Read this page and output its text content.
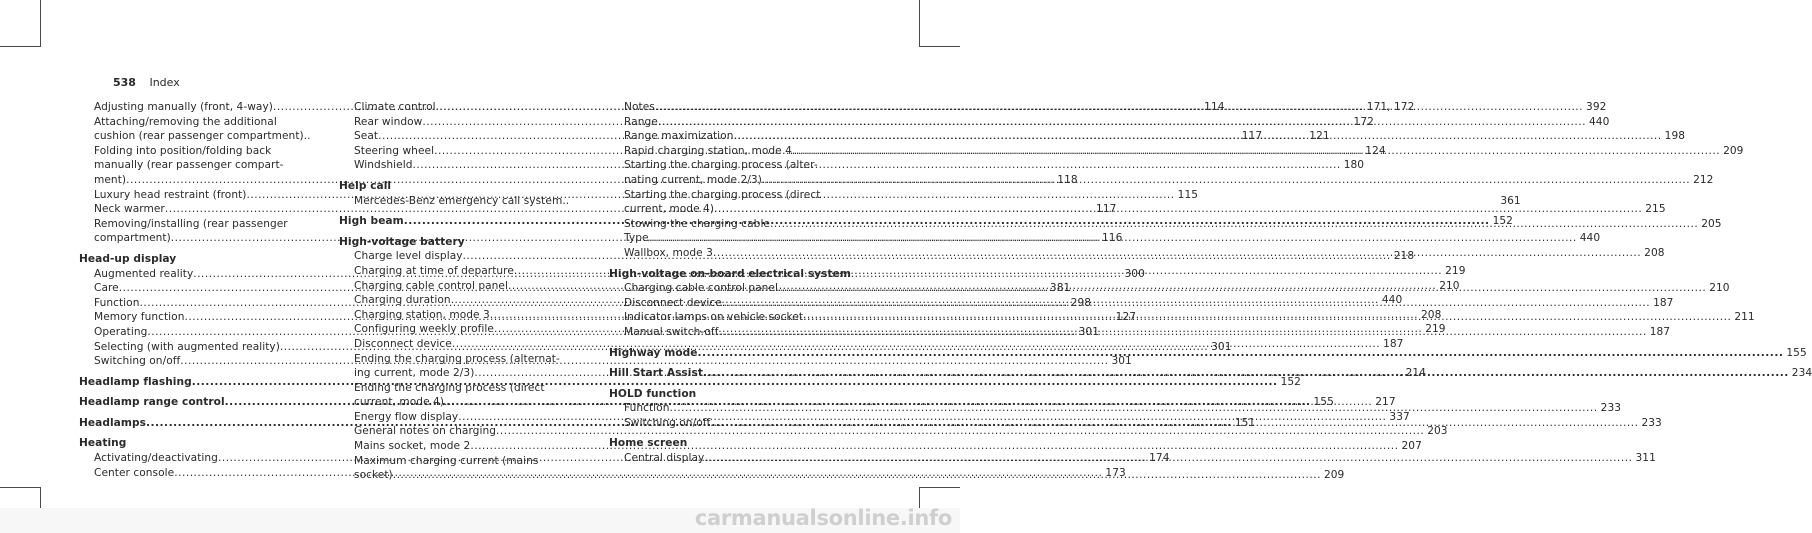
538 Index
Adjusting manually (front, 4-way) .....	114
Attaching/removing the additional
cushion (rear passenger compartment)..	117
Folding into position/folding back
manually (rear passenger compart-
ment) .....	118
Luxury head restraint (front) .....	115
Neck warmer .....	117
Removing/installing (rear passenger
compartment) .....	116
Head-up display
Augmented reality .....	300
Care .....	381
Function .....	298
Memory function .....	127
Operating .....	301
Selecting (with augmented reality) .....	301
Switching on/off .....	301
Headlamp flashing .....	152
Headlamp range control .....	155
Headlamps .....	151
Heating
Activating/deactivating .....	174
Center console .....	173
Climate control .....	171, 172
Rear window .....	172
Seat .....	121
Steering wheel .....	124
Windshield .....	180
Help call
Mercedes-Benz emergency call system..	361
High beam .....	152
High-voltage battery
Charge level display .....	218
Charging at time of departure .....	219
Charging cable control panel .....	210
Charging duration .....	440
Charging station, mode 3 .....	208
Configuring weekly profile .....	219
Disconnect device .....	187
Ending the charging process (alternat-
ing current, mode 2/3) .....	214
Ending the charging process (direct
current, mode 4) .....	217
Energy flow display .....	337
General notes on charging .....	203
Mains socket, mode 2 .....	207
Maximum charging current (mains
socket) .....	209
Notes .....	392
Range .....	440
Range maximization .....	198
Rapid charging station, mode 4 .....	209
Starting the charging process (alter-
nating current, mode 2/3) .....	212
Starting the charging process (direct
current, mode 4) .....	215
Stowing the charging cable .....	205
Type .....	440
Wallbox, mode 3 .....	208
High-voltage on-board electrical system
Charging cable control panel .....	210
Disconnect device .....	187
Indicator lamps on vehicle socket .....	211
Manual switch-off .....	187
Highway mode .....	155
Hill Start Assist .....	234
HOLD function
Function .....	233
Switching on/off .....	233
Home screen
Central display .....	311
carmanualsonline.info
